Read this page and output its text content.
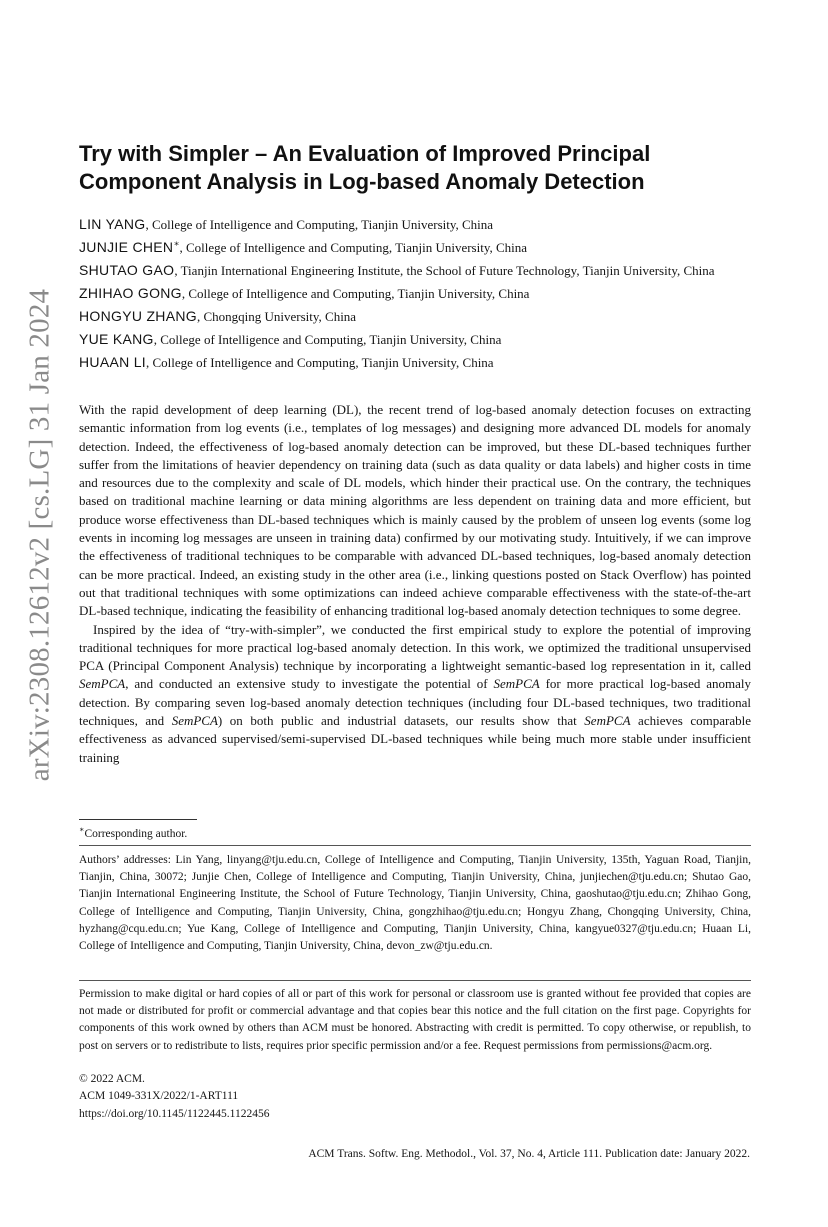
arXiv:2308.12612v2 [cs.LG] 31 Jan 2024
Try with Simpler – An Evaluation of Improved Principal Component Analysis in Log-based Anomaly Detection
LIN YANG, College of Intelligence and Computing, Tianjin University, China
JUNJIE CHEN∗, College of Intelligence and Computing, Tianjin University, China
SHUTAO GAO, Tianjin International Engineering Institute, the School of Future Technology, Tianjin University, China
ZHIHAO GONG, College of Intelligence and Computing, Tianjin University, China
HONGYU ZHANG, Chongqing University, China
YUE KANG, College of Intelligence and Computing, Tianjin University, China
HUAAN LI, College of Intelligence and Computing, Tianjin University, China

With the rapid development of deep learning (DL), the recent trend of log-based anomaly detection focuses on extracting semantic information from log events (i.e., templates of log messages) and designing more advanced DL models for anomaly detection. Indeed, the effectiveness of log-based anomaly detection can be improved, but these DL-based techniques further suffer from the limitations of heavier dependency on training data (such as data quality or data labels) and higher costs in time and resources due to the complexity and scale of DL models, which hinder their practical use. On the contrary, the techniques based on traditional machine learning or data mining algorithms are less dependent on training data and more efficient, but produce worse effectiveness than DL-based techniques which is mainly caused by the problem of unseen log events (some log events in incoming log messages are unseen in training data) confirmed by our motivating study. Intuitively, if we can improve the effectiveness of traditional techniques to be comparable with advanced DL-based techniques, log-based anomaly detection can be more practical. Indeed, an existing study in the other area (i.e., linking questions posted on Stack Overflow) has pointed out that traditional techniques with some optimizations can indeed achieve comparable effectiveness with the state-of-the-art DL-based technique, indicating the feasibility of enhancing traditional log-based anomaly detection techniques to some degree.

Inspired by the idea of “try-with-simpler”, we conducted the first empirical study to explore the potential of improving traditional techniques for more practical log-based anomaly detection. In this work, we optimized the traditional unsupervised PCA (Principal Component Analysis) technique by incorporating a lightweight semantic-based log representation in it, called SemPCA, and conducted an extensive study to investigate the potential of SemPCA for more practical log-based anomaly detection. By comparing seven log-based anomaly detection techniques (including four DL-based techniques, two traditional techniques, and SemPCA) on both public and industrial datasets, our results show that SemPCA achieves comparable effectiveness as advanced supervised/semi-supervised DL-based techniques while being much more stable under insufficient training

∗Corresponding author.

Authors’ addresses: Lin Yang, linyang@tju.edu.cn, College of Intelligence and Computing, Tianjin University, 135th, Yaguan Road, Tianjin, Tianjin, China, 30072; Junjie Chen, College of Intelligence and Computing, Tianjin University, China, junjiechen@tju.edu.cn; Shutao Gao, Tianjin International Engineering Institute, the School of Future Technology, Tianjin University, China, gaoshutao@tju.edu.cn; Zhihao Gong, College of Intelligence and Computing, Tianjin University, China, gongzhihao@tju.edu.cn; Hongyu Zhang, Chongqing University, China, hyzhang@cqu.edu.cn; Yue Kang, College of Intelligence and Computing, Tianjin University, China, kangyue0327@tju.edu.cn; Huaan Li, College of Intelligence and Computing, Tianjin University, China, devon_zw@tju.edu.cn.

Permission to make digital or hard copies of all or part of this work for personal or classroom use is granted without fee provided that copies are not made or distributed for profit or commercial advantage and that copies bear this notice and the full citation on the first page. Copyrights for components of this work owned by others than ACM must be honored. Abstracting with credit is permitted. To copy otherwise, or republish, to post on servers or to redistribute to lists, requires prior specific permission and/or a fee. Request permissions from permissions@acm.org.

© 2022 ACM.
ACM 1049-331X/2022/1-ART111
https://doi.org/10.1145/1122445.1122456
ACM Trans. Softw. Eng. Methodol., Vol. 37, No. 4, Article 111. Publication date: January 2022.
